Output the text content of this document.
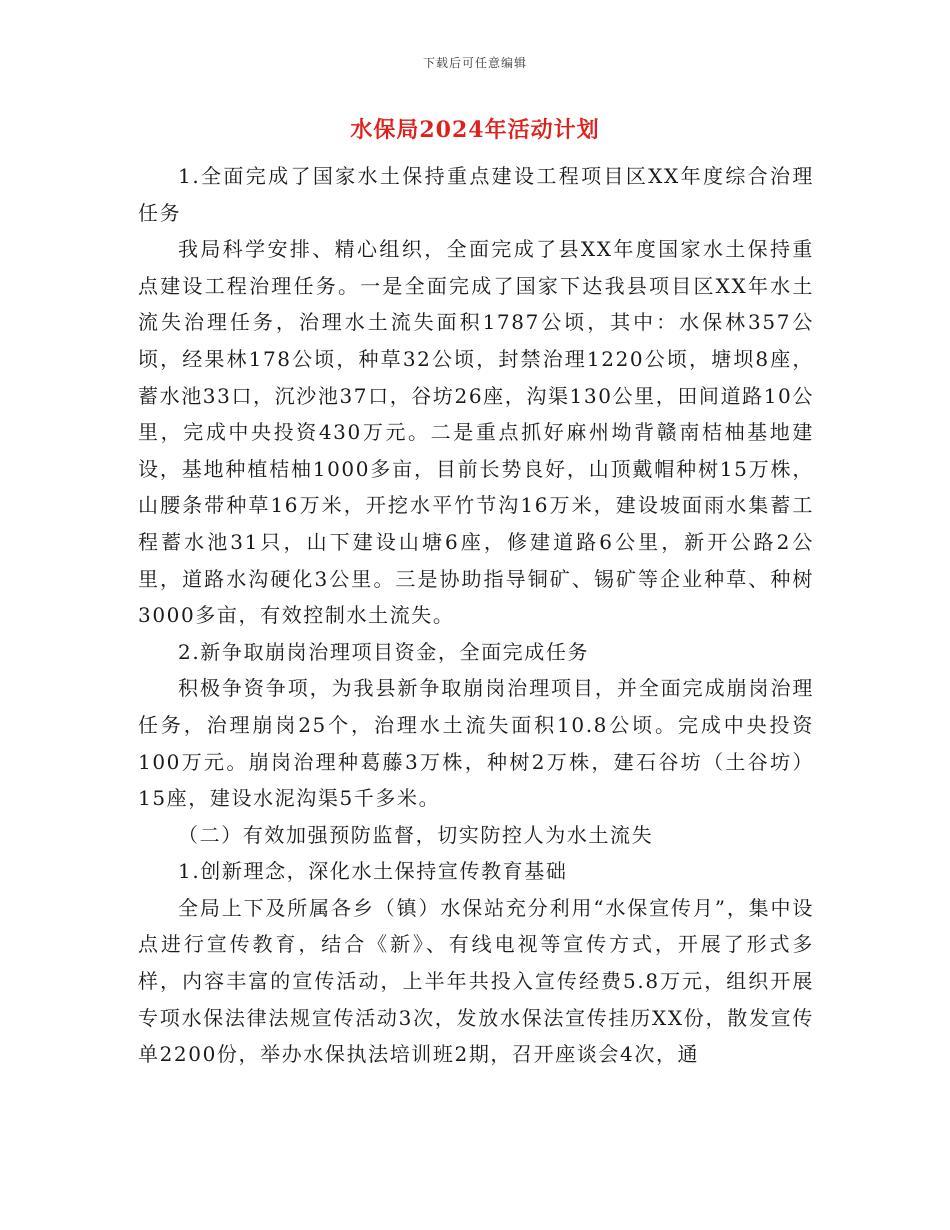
下载后可任意编辑
水保局2024年活动计划

1.全面完成了国家水土保持重点建设工程项目区XX年度综合治理任务

我局科学安排、精心组织，全面完成了县XX年度国家水土保持重点建设工程治理任务。一是全面完成了国家下达我县项目区XX年水土流失治理任务，治理水土流失面积1787公顷，其中：水保林357公顷，经果林178公顷，种草32公顷，封禁治理1220公顷，塘坝8座，蓄水池33口，沉沙池37口，谷坊26座，沟渠130公里，田间道路10公里，完成中央投资430万元。二是重点抓好麻州坳背赣南桔柚基地建设，基地种植桔柚1000多亩，目前长势良好，山顶戴帽种树15万株，山腰条带种草16万米，开挖水平竹节沟16万米，建设坡面雨水集蓄工程蓄水池31只，山下建设山塘6座，修建道路6公里，新开公路2公里，道路水沟硬化3公里。三是协助指导铜矿、锡矿等企业种草、种树3000多亩，有效控制水土流失。

2.新争取崩岗治理项目资金，全面完成任务

积极争资争项，为我县新争取崩岗治理项目，并全面完成崩岗治理任务，治理崩岗25个，治理水土流失面积10.8公顷。完成中央投资100万元。崩岗治理种葛藤3万株，种树2万株，建石谷坊（土谷坊）15座，建设水泥沟渠5千多米。

（二）有效加强预防监督，切实防控人为水土流失

1.创新理念，深化水土保持宣传教育基础

全局上下及所属各乡（镇）水保站充分利用“水保宣传月”，集中设点进行宣传教育，结合《新》、有线电视等宣传方式，开展了形式多样，内容丰富的宣传活动，上半年共投入宣传经费5.8万元，组织开展专项水保法律法规宣传活动3次，发放水保法宣传挂历XX份，散发宣传单2200份，举办水保执法培训班2期，召开座谈会4次，通
